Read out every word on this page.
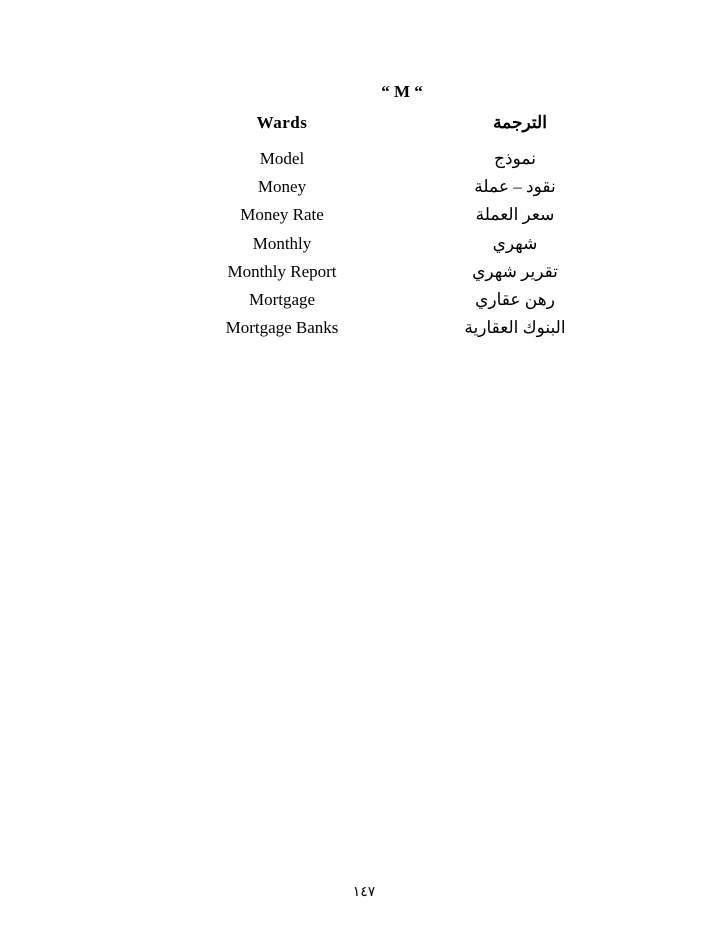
“ M “
Wards	الترجمة
Model	نموذج
Money	نقود – عملة
Money Rate	سعر العملة
Monthly	شهري
Monthly Report	تقرير شهري
Mortgage	رهن عقاري
Mortgage Banks	البنوك العقارية
١٤٧
